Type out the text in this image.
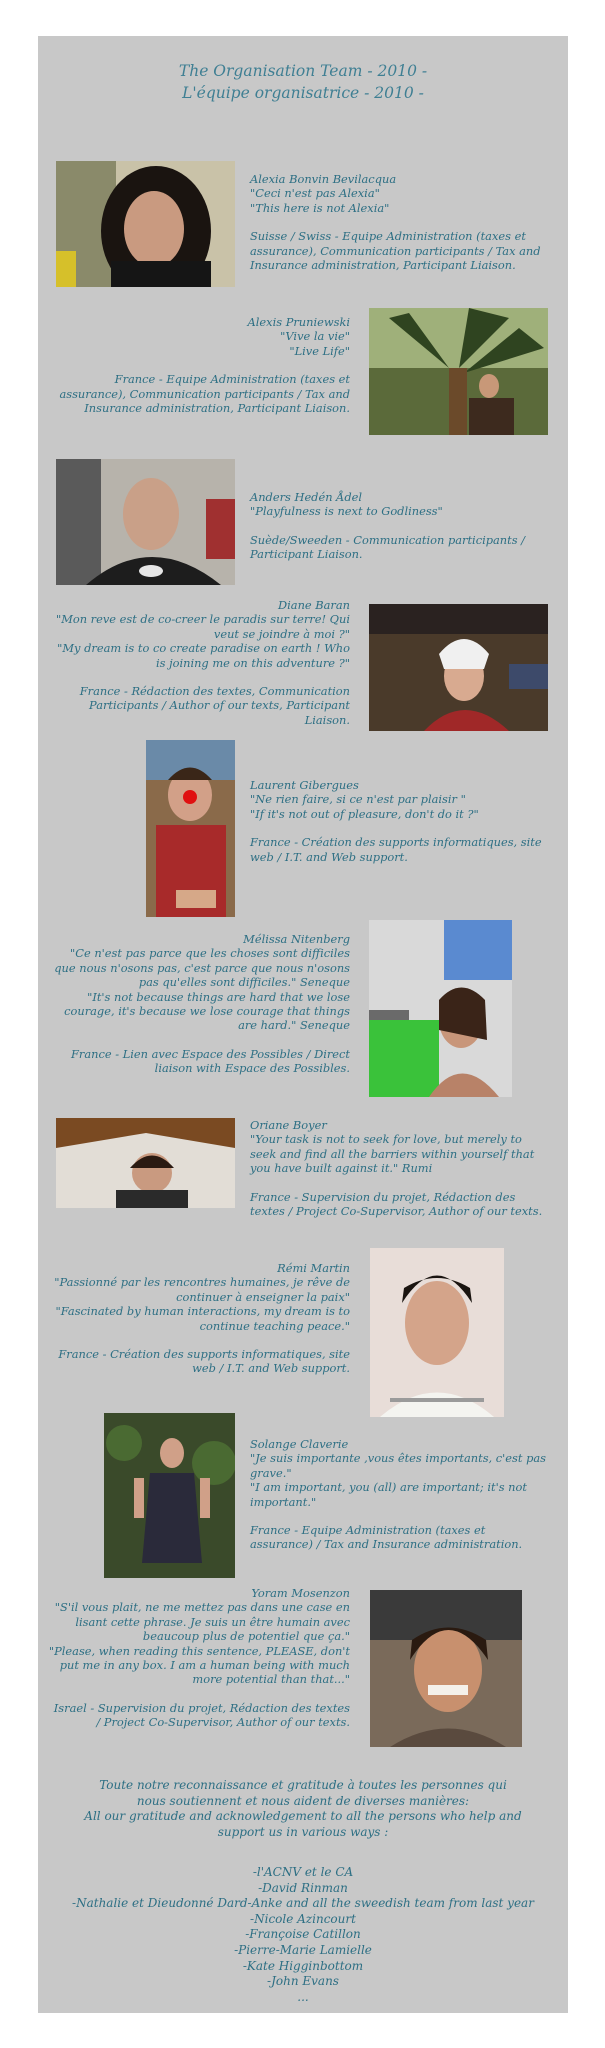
The Organisation Team - 2010 -
L'équipe organisatrice - 2010 -

Alexia Bonvin Bevilacqua

"Ceci n'est pas Alexia"

"This here is not Alexia"

Suisse / Swiss - Equipe Administration (taxes et assurance), Communication participants / Tax and Insurance administration, Participant Liaison.

Alexis Pruniewski

"Vive la vie"

"Live Life"

France - Equipe Administration (taxes et assurance), Communication participants / Tax and Insurance administration, Participant Liaison.

Anders Hedén Ådel

"Playfulness is next to Godliness"

Suède/Sweeden - Communication participants / Participant Liaison.

Diane Baran

"Mon reve est de co-creer le paradis sur terre! Qui veut se joindre à moi ?"

"My dream is to co create paradise on earth ! Who is joining me on this adventure ?"

France - Rédaction des textes, Communication Participants / Author of our texts, Participant Liaison.

Laurent Gibergues

"Ne rien faire, si ce n'est par plaisir "

"If it's not out of pleasure, don't do it ?"

France - Création des supports informatiques, site web / I.T. and Web support.

Mélissa Nitenberg

"Ce n'est pas parce que les choses sont difficiles que nous n'osons pas, c'est parce que nous n'osons pas qu'elles sont difficiles." Seneque

"It's not because things are hard that we lose courage, it's because we lose courage that things are hard." Seneque

France - Lien avec Espace des Possibles / Direct liaison with Espace des Possibles.

Oriane Boyer

"Your task is not to seek for love, but merely to seek and find all the barriers within yourself that you have built against it." Rumi

France - Supervision du projet, Rédaction des textes / Project Co-Supervisor, Author of our texts.

Rémi Martin

"Passionné par les rencontres humaines, je rêve de continuer à enseigner la paix"

"Fascinated by human interactions, my dream is to continue teaching peace."

France - Création des supports informatiques, site web / I.T. and Web support.

Solange Claverie

"Je suis importante ,vous êtes importants, c'est pas grave."

"I am important, you (all) are important; it's not important."

France - Equipe Administration (taxes et assurance) / Tax and Insurance administration.

Yoram Mosenzon

"S'il vous plait, ne me mettez pas dans une case en lisant cette phrase. Je suis un être humain avec beaucoup plus de potentiel que ça."

"Please, when reading this sentence, PLEASE, don't put me in any box. I am a human being with much more potential than that..."

Israel - Supervision du projet, Rédaction des textes / Project Co-Supervisor, Author of our texts.

Toute notre reconnaissance et gratitude à toutes les personnes qui nous soutiennent et nous aident de diverses manières:

All our gratitude and acknowledgement to all the persons who help and support us in various ways :

-l'ACNV et le CA
-David Rinman
-Nathalie et Dieudonné Dard-Anke and all the sweedish team from last year
-Nicole Azincourt
-Françoise Catillon
-Pierre-Marie Lamielle
-Kate Higginbottom
-John Evans
...
